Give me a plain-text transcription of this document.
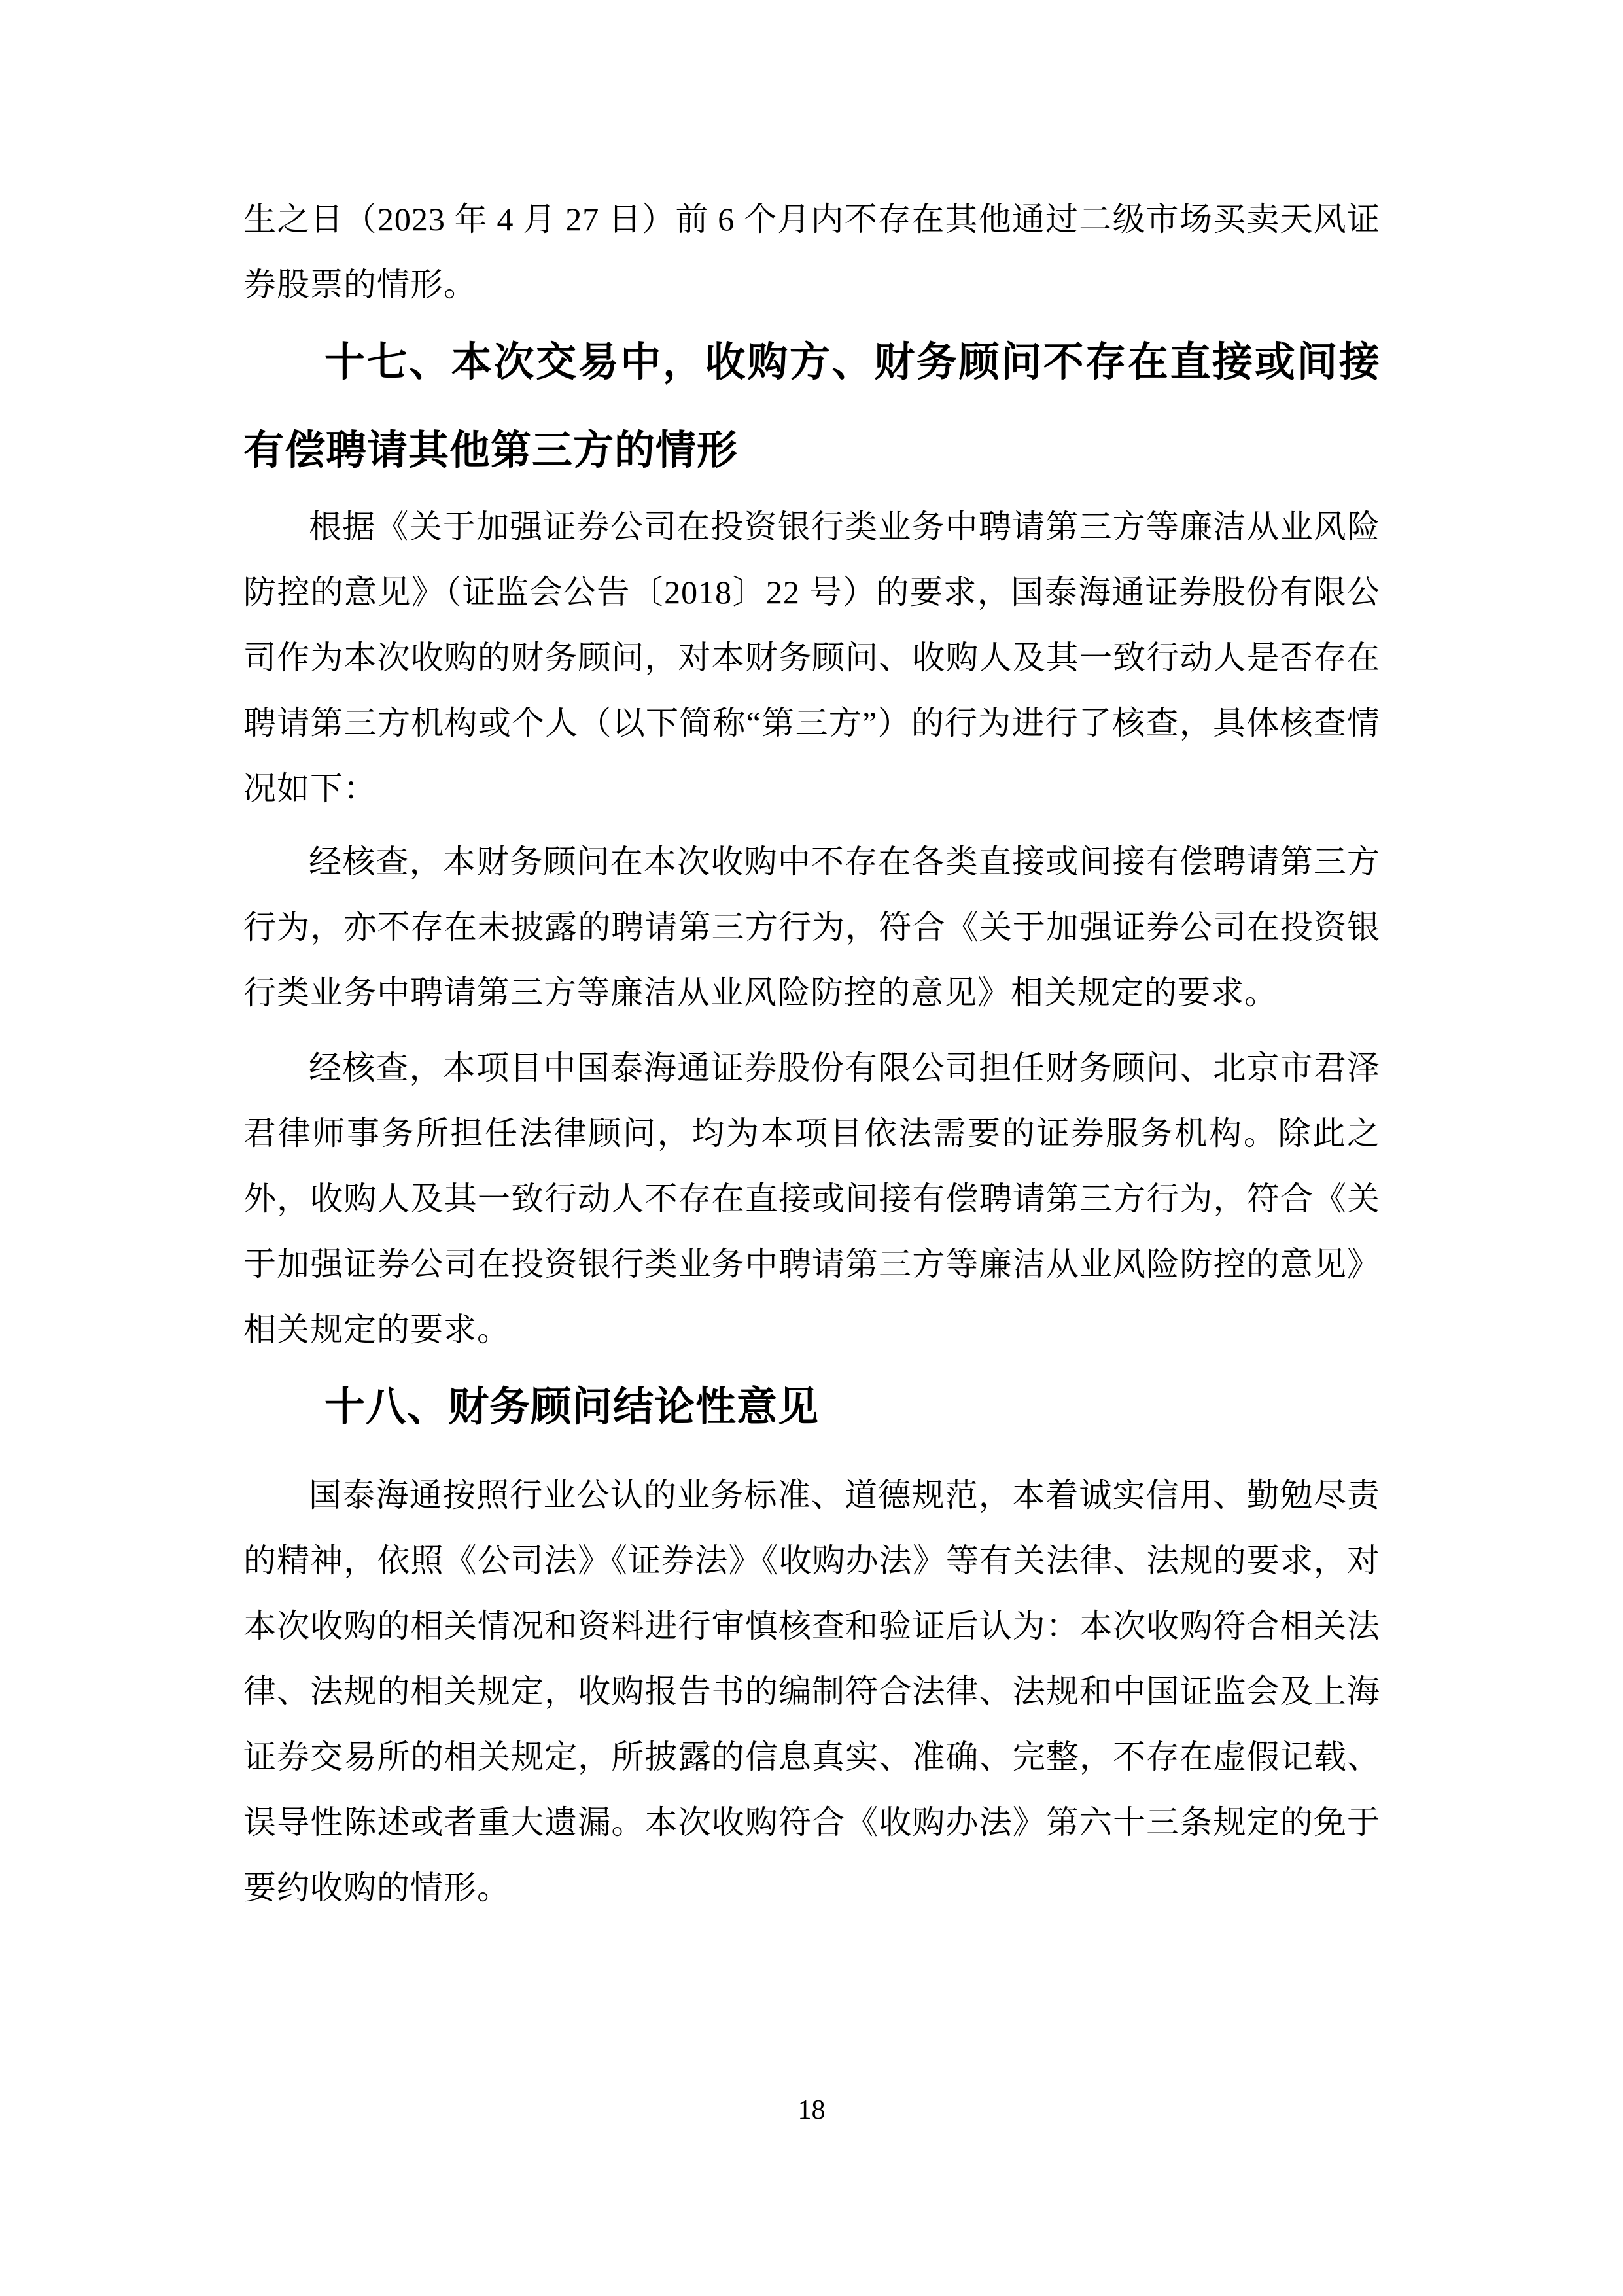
生之日（2023 年 4 月 27 日）前 6 个月内不存在其他通过二级市场买卖天风证券股票的情形。

十七、本次交易中，收购方、财务顾问不存在直接或间接有偿聘请其他第三方的情形

根据《关于加强证券公司在投资银行类业务中聘请第三方等廉洁从业风险防控的意见》（证监会公告〔2018〕22 号）的要求，国泰海通证券股份有限公司作为本次收购的财务顾问，对本财务顾问、收购人及其一致行动人是否存在聘请第三方机构或个人（以下简称“第三方”）的行为进行了核查，具体核查情况如下：

经核查，本财务顾问在本次收购中不存在各类直接或间接有偿聘请第三方行为，亦不存在未披露的聘请第三方行为，符合《关于加强证券公司在投资银行类业务中聘请第三方等廉洁从业风险防控的意见》相关规定的要求。

经核查，本项目中国泰海通证券股份有限公司担任财务顾问、北京市君泽君律师事务所担任法律顾问，均为本项目依法需要的证券服务机构。除此之外，收购人及其一致行动人不存在直接或间接有偿聘请第三方行为，符合《关于加强证券公司在投资银行类业务中聘请第三方等廉洁从业风险防控的意见》相关规定的要求。

十八、财务顾问结论性意见

国泰海通按照行业公认的业务标准、道德规范，本着诚实信用、勤勉尽责的精神，依照《公司法》《证券法》《收购办法》等有关法律、法规的要求，对本次收购的相关情况和资料进行审慎核查和验证后认为：本次收购符合相关法律、法规的相关规定，收购报告书的编制符合法律、法规和中国证监会及上海证券交易所的相关规定，所披露的信息真实、准确、完整，不存在虚假记载、误导性陈述或者重大遗漏。本次收购符合《收购办法》第六十三条规定的免于要约收购的情形。

18
